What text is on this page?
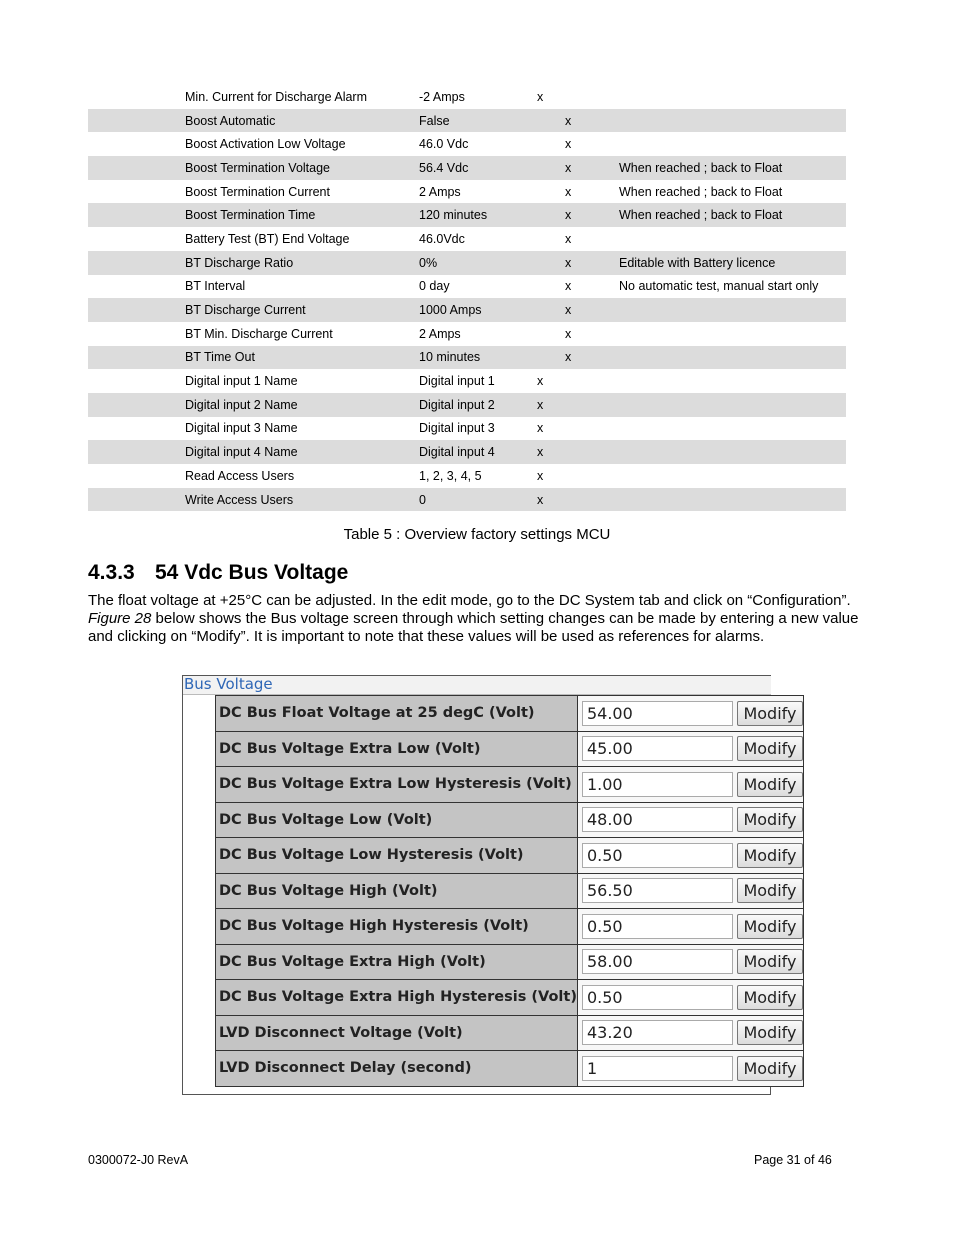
	Min. Current for Discharge Alarm	-2 Amps	x		
	Boost Automatic	False		x	
	Boost Activation Low Voltage	46.0 Vdc		x	
	Boost Termination Voltage	56.4 Vdc		x	When reached ; back to Float
	Boost Termination Current	2 Amps		x	When reached ; back to Float
	Boost Termination Time	120 minutes		x	When reached ; back to Float
	Battery Test (BT) End Voltage	46.0Vdc		x	
	BT Discharge Ratio	0%		x	Editable with Battery licence
	BT Interval	0 day		x	No automatic test, manual start only
	BT Discharge Current	1000 Amps		x	
	BT Min. Discharge Current	2 Amps		x	
	BT Time Out	10 minutes		x	
	Digital input 1 Name	Digital input 1	x		
	Digital input 2 Name	Digital input 2	x		
	Digital input 3 Name	Digital input 3	x		
	Digital input 4 Name	Digital input 4	x		
	Read Access Users	1, 2, 3, 4, 5	x		
	Write Access Users	0	x		
Table 5 : Overview factory settings MCU
4.3.3 54 Vdc Bus Voltage

The float voltage at +25°C can be adjusted. In the edit mode, go to the DC System tab and click on “Configuration”. Figure 28 below shows the Bus voltage screen through which setting changes can be made by entering a new value and clicking on “Modify”. It is important to note that these values will be used as references for alarms.

Bus Voltage
DC Bus Float Voltage at 25 degC (Volt)	54.00Modify
DC Bus Voltage Extra Low (Volt)	45.00Modify
DC Bus Voltage Extra Low Hysteresis (Volt)	1.00Modify
DC Bus Voltage Low (Volt)	48.00Modify
DC Bus Voltage Low Hysteresis (Volt)	0.50Modify
DC Bus Voltage High (Volt)	56.50Modify
DC Bus Voltage High Hysteresis (Volt)	0.50Modify
DC Bus Voltage Extra High (Volt)	58.00Modify
DC Bus Voltage Extra High Hysteresis (Volt)	0.50Modify
LVD Disconnect Voltage (Volt)	43.20Modify
LVD Disconnect Delay (second)	1Modify
0300072-J0 RevA	Page 31 of 46
